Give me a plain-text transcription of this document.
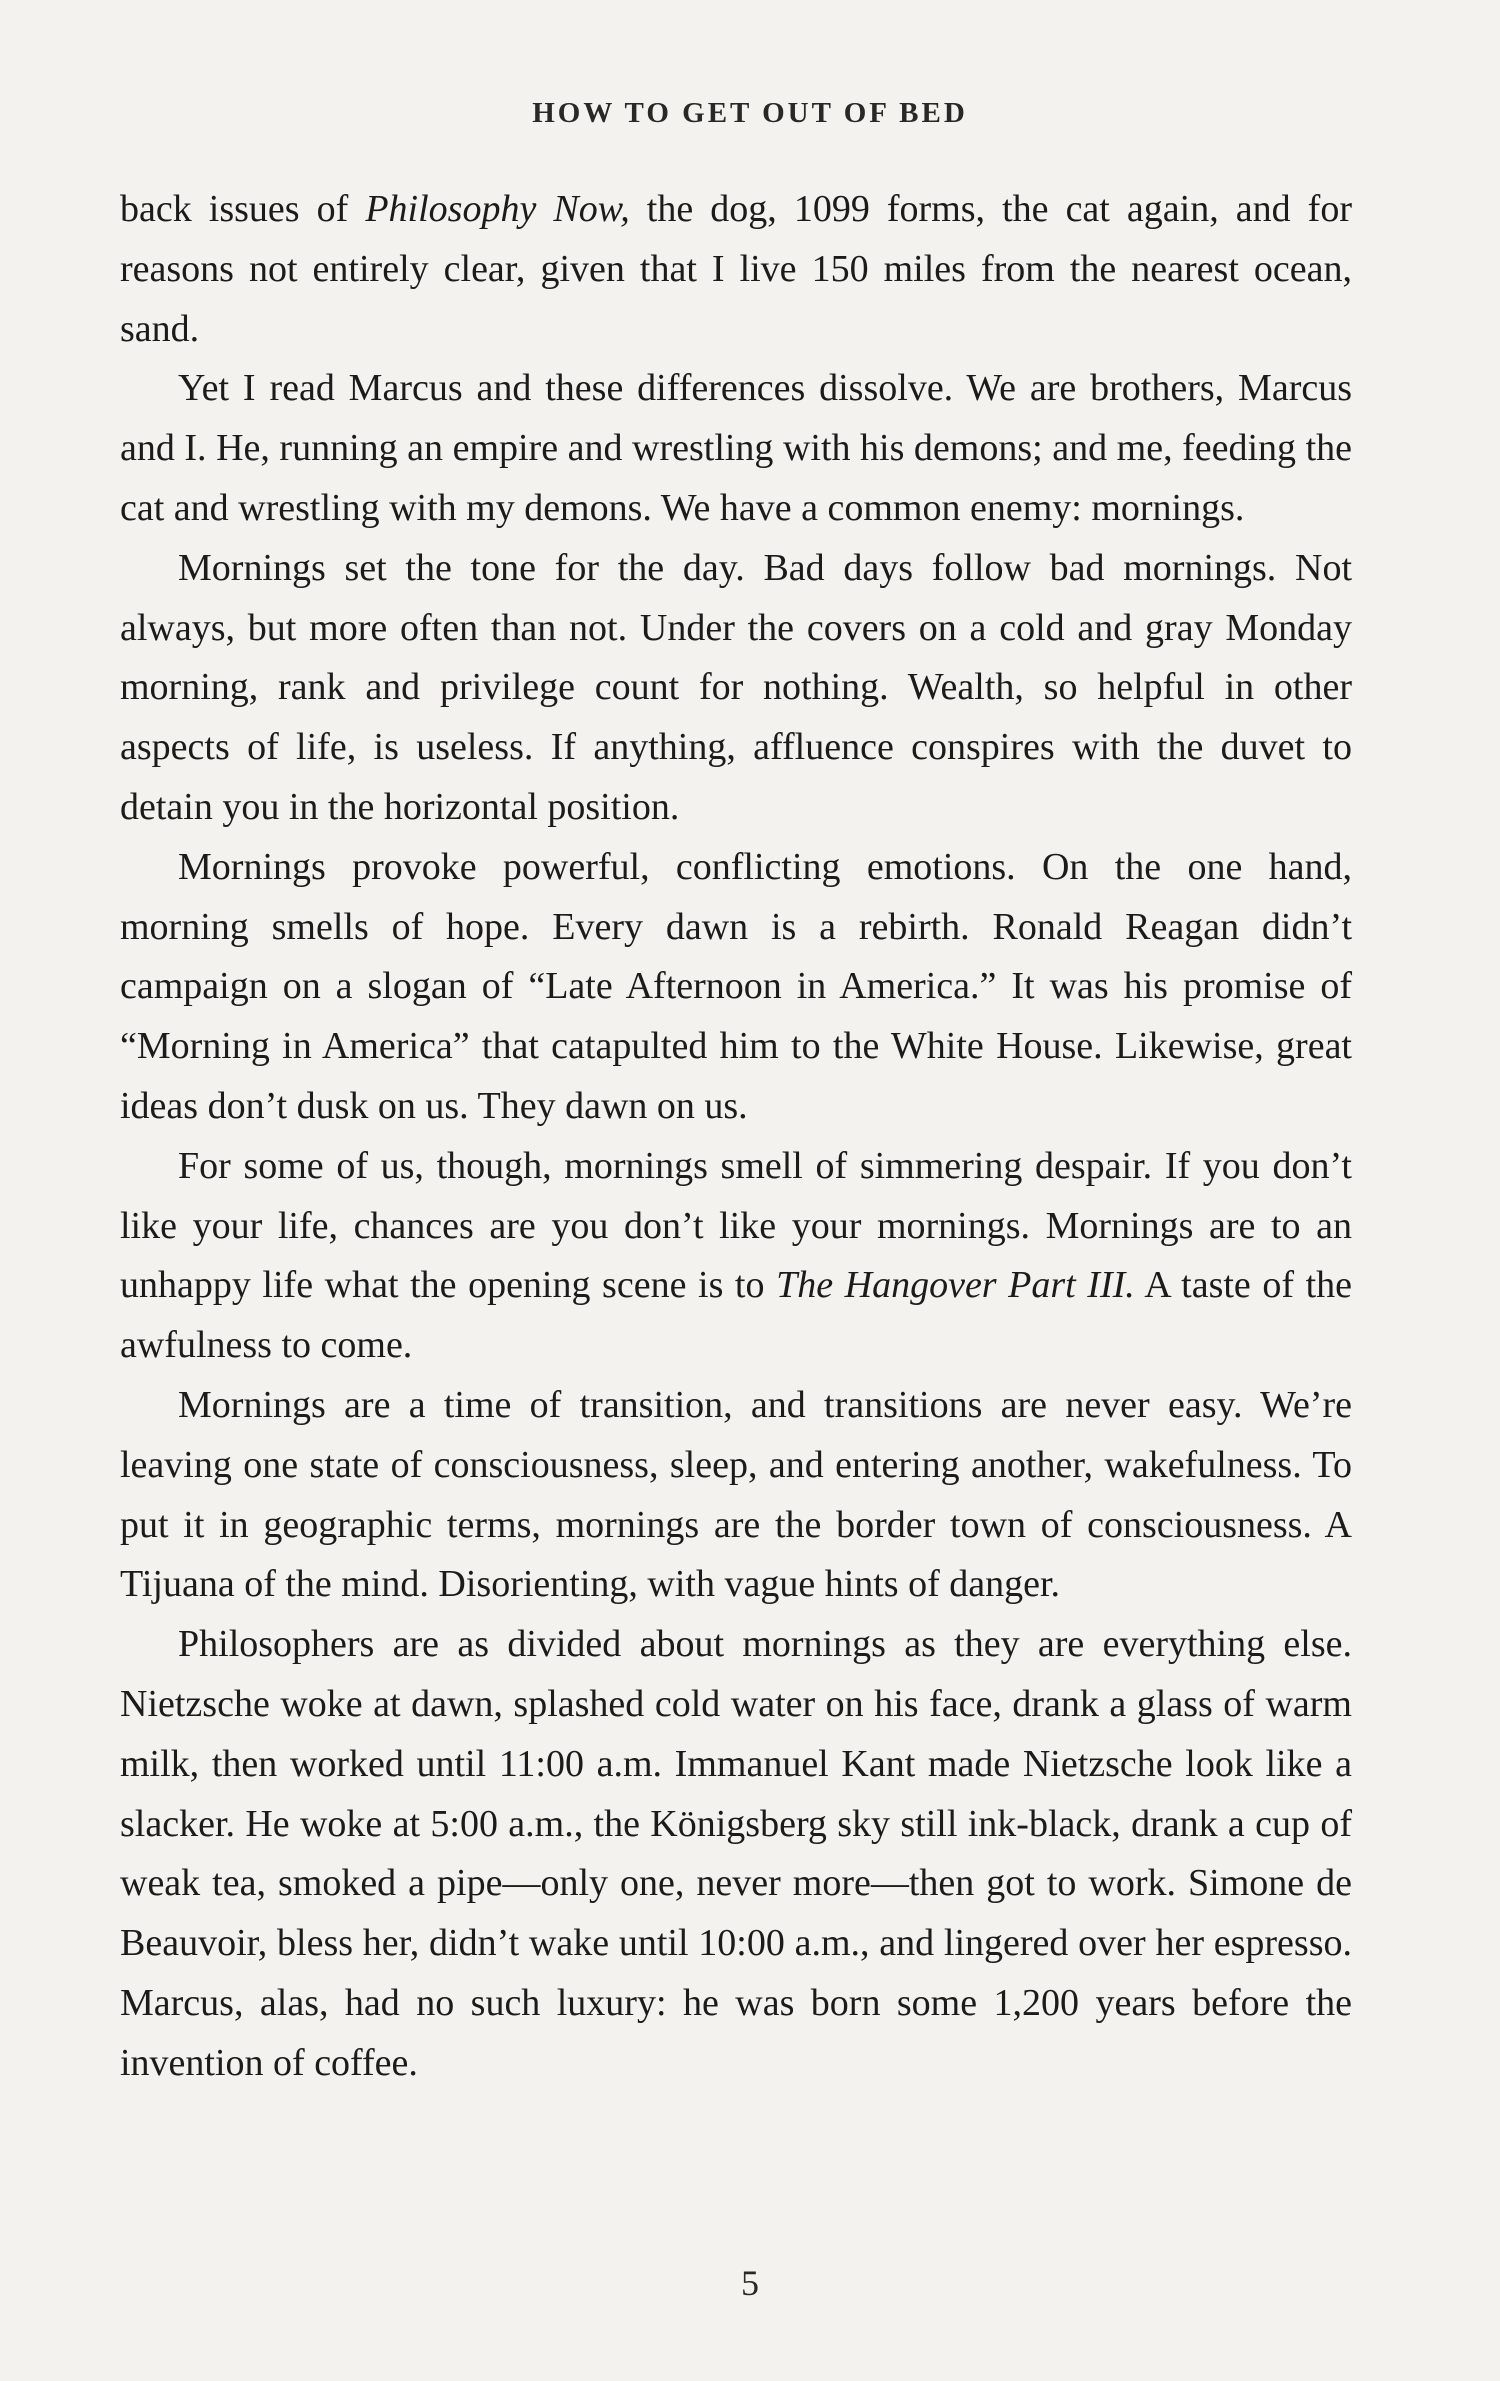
HOW TO GET OUT OF BED

back issues of Philosophy Now, the dog, 1099 forms, the cat again, and for reasons not entirely clear, given that I live 150 miles from the nearest ocean, sand.

Yet I read Marcus and these differences dissolve. We are brothers, Marcus and I. He, running an empire and wrestling with his demons; and me, feeding the cat and wrestling with my demons. We have a common enemy: mornings.

Mornings set the tone for the day. Bad days follow bad mornings. Not always, but more often than not. Under the covers on a cold and gray Monday morning, rank and privilege count for nothing. Wealth, so helpful in other aspects of life, is useless. If anything, affluence conspires with the duvet to detain you in the horizontal position.

Mornings provoke powerful, conflicting emotions. On the one hand, morning smells of hope. Every dawn is a rebirth. Ronald Reagan didn’t campaign on a slogan of “Late Afternoon in America.” It was his promise of “Morning in America” that catapulted him to the White House. Likewise, great ideas don’t dusk on us. They dawn on us.

For some of us, though, mornings smell of simmering despair. If you don’t like your life, chances are you don’t like your mornings. Mornings are to an unhappy life what the opening scene is to The Hangover Part III. A taste of the awfulness to come.

Mornings are a time of transition, and transitions are never easy. We’re leaving one state of consciousness, sleep, and entering another, wakefulness. To put it in geographic terms, mornings are the border town of consciousness. A Tijuana of the mind. Disorienting, with vague hints of danger.

Philosophers are as divided about mornings as they are everything else. Nietzsche woke at dawn, splashed cold water on his face, drank a glass of warm milk, then worked until 11:00 a.m. Immanuel Kant made Nietzsche look like a slacker. He woke at 5:00 a.m., the Königsberg sky still ink-black, drank a cup of weak tea, smoked a pipe—only one, never more—then got to work. Simone de Beauvoir, bless her, didn’t wake until 10:00 a.m., and lingered over her espresso. Marcus, alas, had no such luxury: he was born some 1,200 years before the invention of coffee.

5
